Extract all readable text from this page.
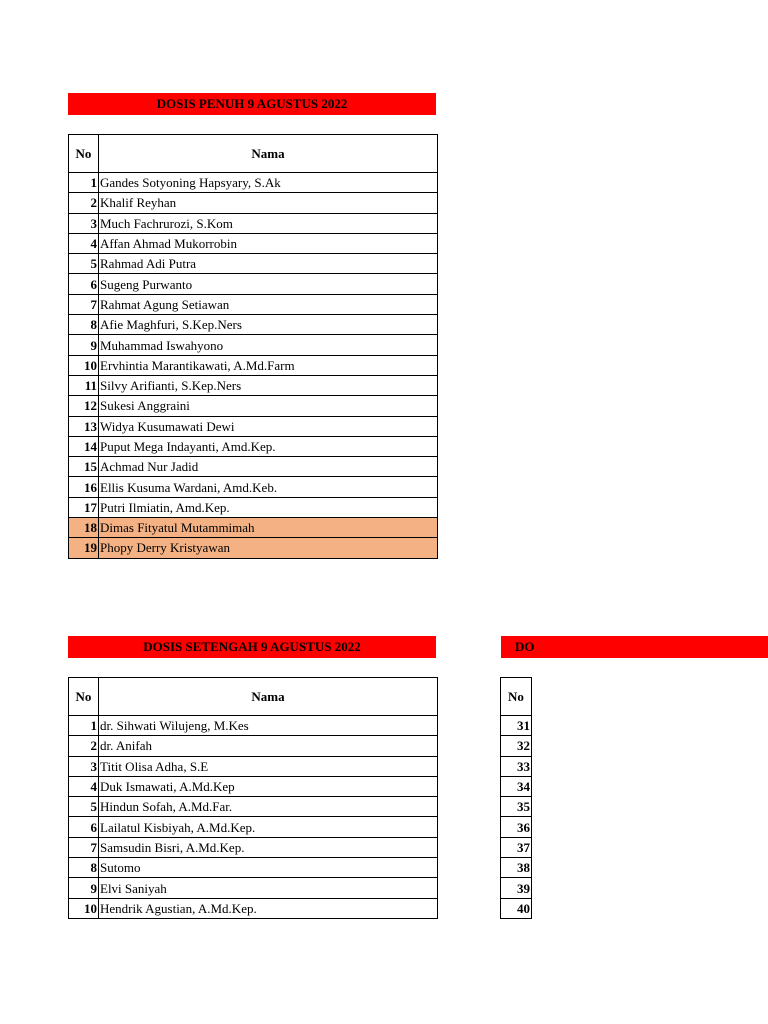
DOSIS PENUH 9 AGUSTUS 2022
No	Nama
1	Gandes Sotyoning Hapsyary, S.Ak
2	Khalif Reyhan
3	Much Fachrurozi, S.Kom
4	Affan Ahmad Mukorrobin
5	Rahmad Adi Putra
6	Sugeng Purwanto
7	Rahmat Agung Setiawan
8	Afie Maghfuri, S.Kep.Ners
9	Muhammad Iswahyono
10	Ervhintia Marantikawati, A.Md.Farm
11	Silvy Arifianti, S.Kep.Ners
12	Sukesi Anggraini
13	Widya Kusumawati Dewi
14	Puput Mega Indayanti, Amd.Kep.
15	Achmad Nur Jadid
16	Ellis Kusuma Wardani, Amd.Keb.
17	Putri Ilmiatin, Amd.Kep.
18	Dimas Fityatul Mutammimah
19	Phopy Derry Kristyawan
DOSIS SETENGAH 9 AGUSTUS 2022
No	Nama
1	dr. Sihwati Wilujeng, M.Kes
2	dr. Anifah
3	Titit Olisa Adha, S.E
4	Duk Ismawati, A.Md.Kep
5	Hindun Sofah, A.Md.Far.
6	Lailatul Kisbiyah, A.Md.Kep.
7	Samsudin Bisri, A.Md.Kep.
8	Sutomo
9	Elvi Saniyah
10	Hendrik Agustian, A.Md.Kep.
DO
No
31
32
33
34
35
36
37
38
39
40
